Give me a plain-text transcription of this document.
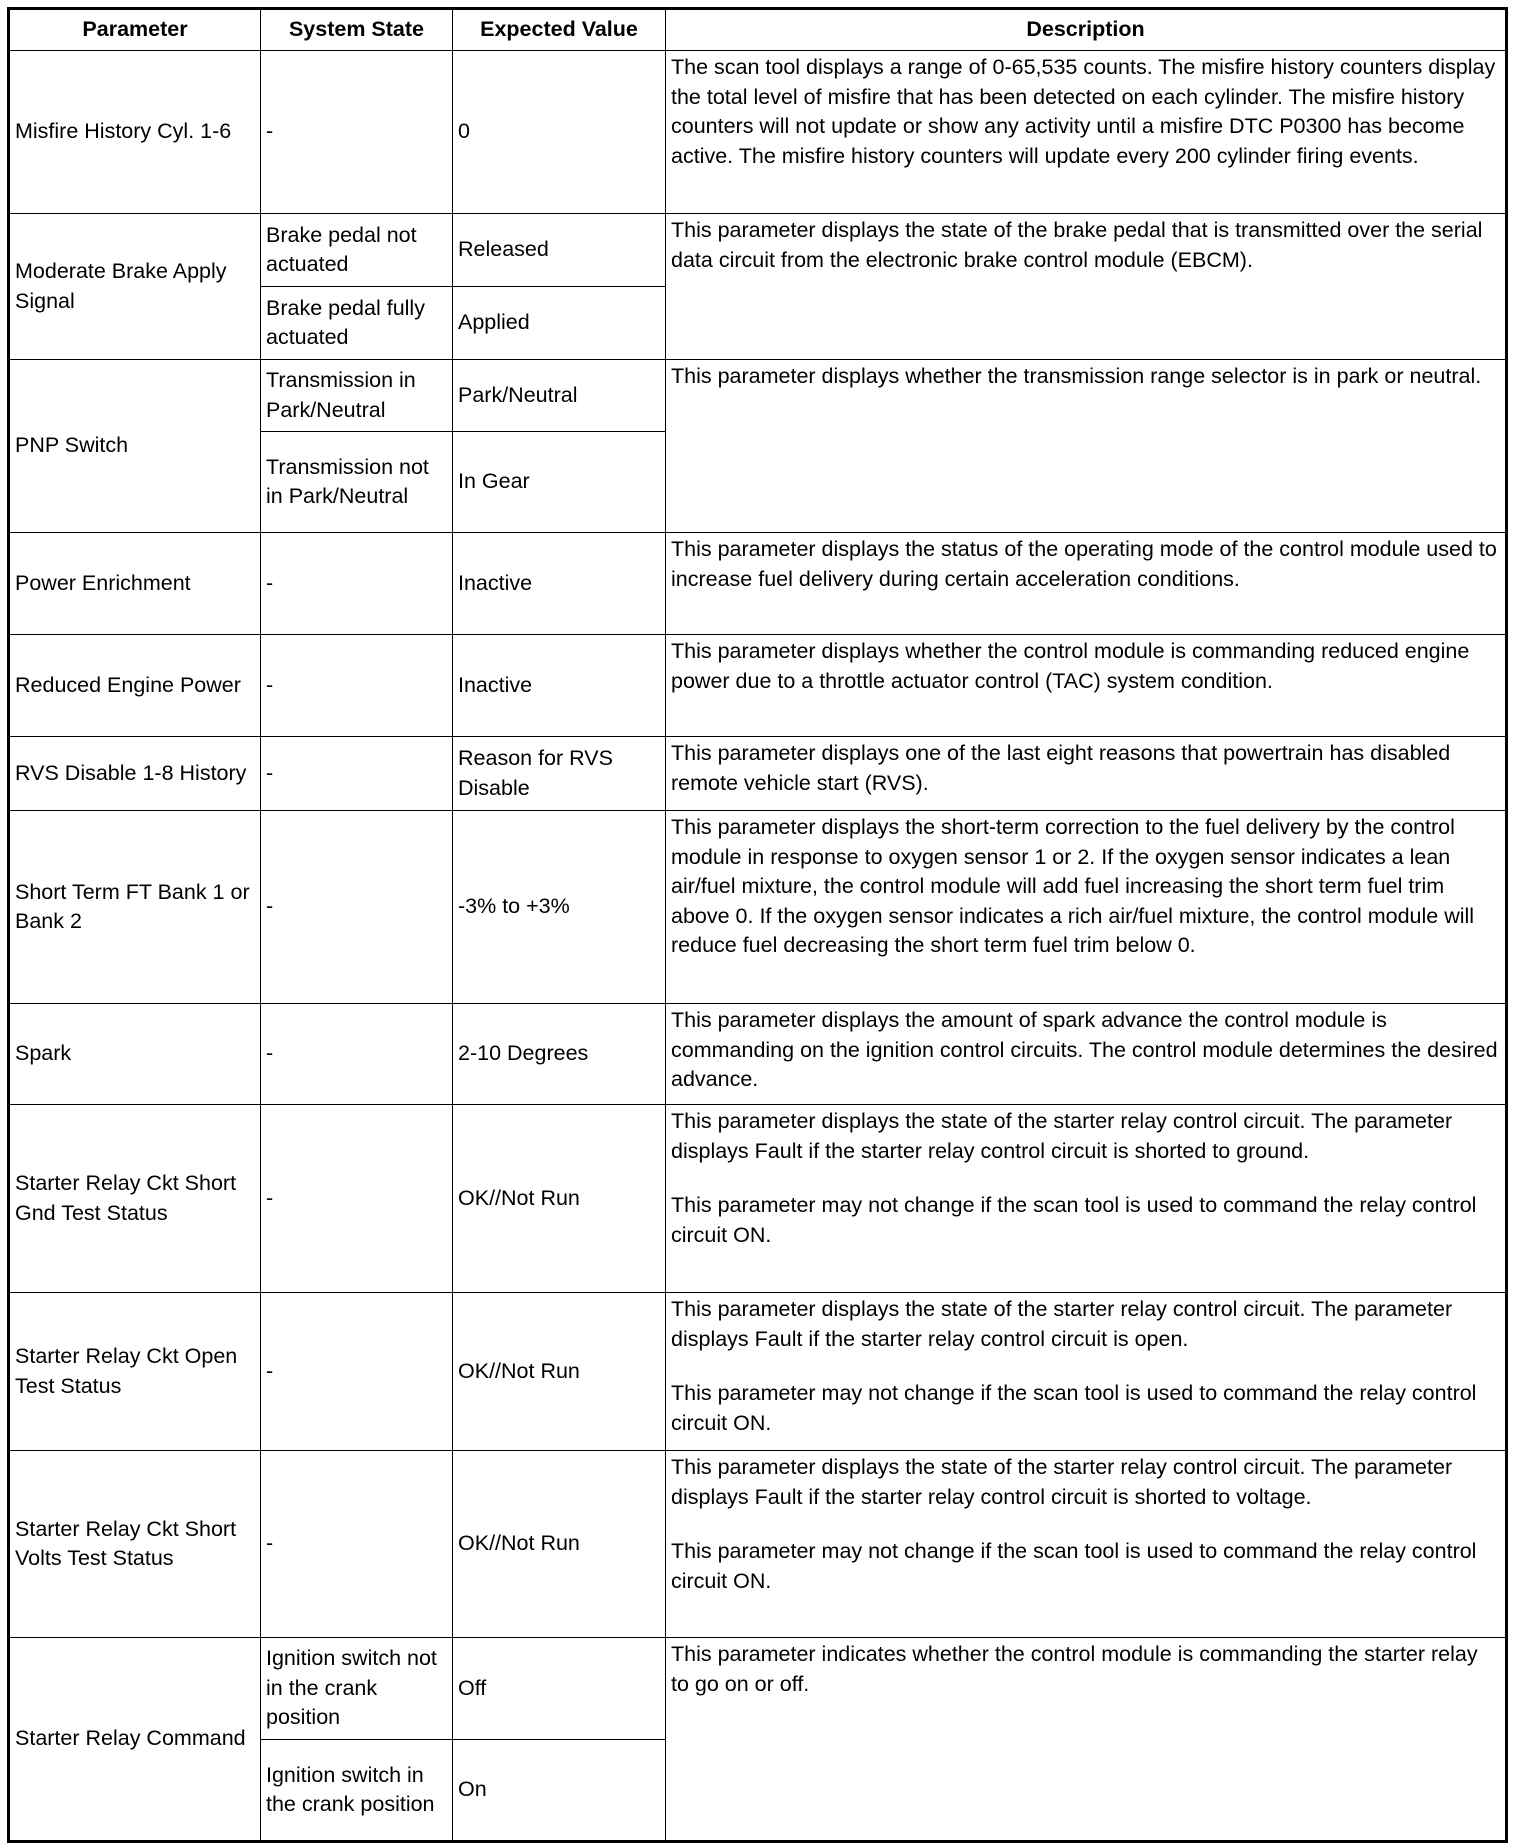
Parameter	System State	Expected Value	Description
Misfire History Cyl. 1-6	-	0	The scan tool displays a range of 0-65,535 counts. The misfire history counters display the total level of misfire that has been detected on each cylinder. The misfire history counters will not update or show any activity until a misfire DTC P0300 has become active. The misfire history counters will update every 200 cylinder firing events.

Moderate Brake Apply Signal	Brake pedal not actuated	Released	This parameter displays the state of the brake pedal that is transmitted over the serial data circuit from the electronic brake control module (EBCM).

	Brake pedal fully actuated	Applied	
PNP Switch	Transmission in Park/Neutral	Park/Neutral	This parameter displays whether the transmission range selector is in park or neutral.

	Transmission not in Park/Neutral	In Gear	
Power Enrichment	-	Inactive	This parameter displays the status of the operating mode of the control module used to increase fuel delivery during certain acceleration conditions.

Reduced Engine Power	-	Inactive	This parameter displays whether the control module is commanding reduced engine power due to a throttle actuator control (TAC) system condition.

RVS Disable 1-8 History	-	Reason for RVS Disable	This parameter displays one of the last eight reasons that powertrain has disabled remote vehicle start (RVS).

Short Term FT Bank 1 or Bank 2	-	-3% to +3%	This parameter displays the short-term correction to the fuel delivery by the control module in response to oxygen sensor 1 or 2. If the oxygen sensor indicates a lean air/fuel mixture, the control module will add fuel increasing the short term fuel trim above 0. If the oxygen sensor indicates a rich air/fuel mixture, the control module will reduce fuel decreasing the short term fuel trim below 0.

Spark	-	2-10 Degrees	This parameter displays the amount of spark advance the control module is commanding on the ignition control circuits. The control module determines the desired advance.

Starter Relay Ckt Short Gnd Test Status	-	OK//Not Run	This parameter displays the state of the starter relay control circuit. The parameter displays Fault if the starter relay control circuit is shorted to ground.

This parameter may not change if the scan tool is used to command the relay control circuit ON.

Starter Relay Ckt Open Test Status	-	OK//Not Run	This parameter displays the state of the starter relay control circuit. The parameter displays Fault if the starter relay control circuit is open.

This parameter may not change if the scan tool is used to command the relay control circuit ON.

Starter Relay Ckt Short Volts Test Status	-	OK//Not Run	This parameter displays the state of the starter relay control circuit. The parameter displays Fault if the starter relay control circuit is shorted to voltage.

This parameter may not change if the scan tool is used to command the relay control circuit ON.

Starter Relay Command	Ignition switch not in the crank position	Off	This parameter indicates whether the control module is commanding the starter relay to go on or off.

	Ignition switch in the crank position	On	
